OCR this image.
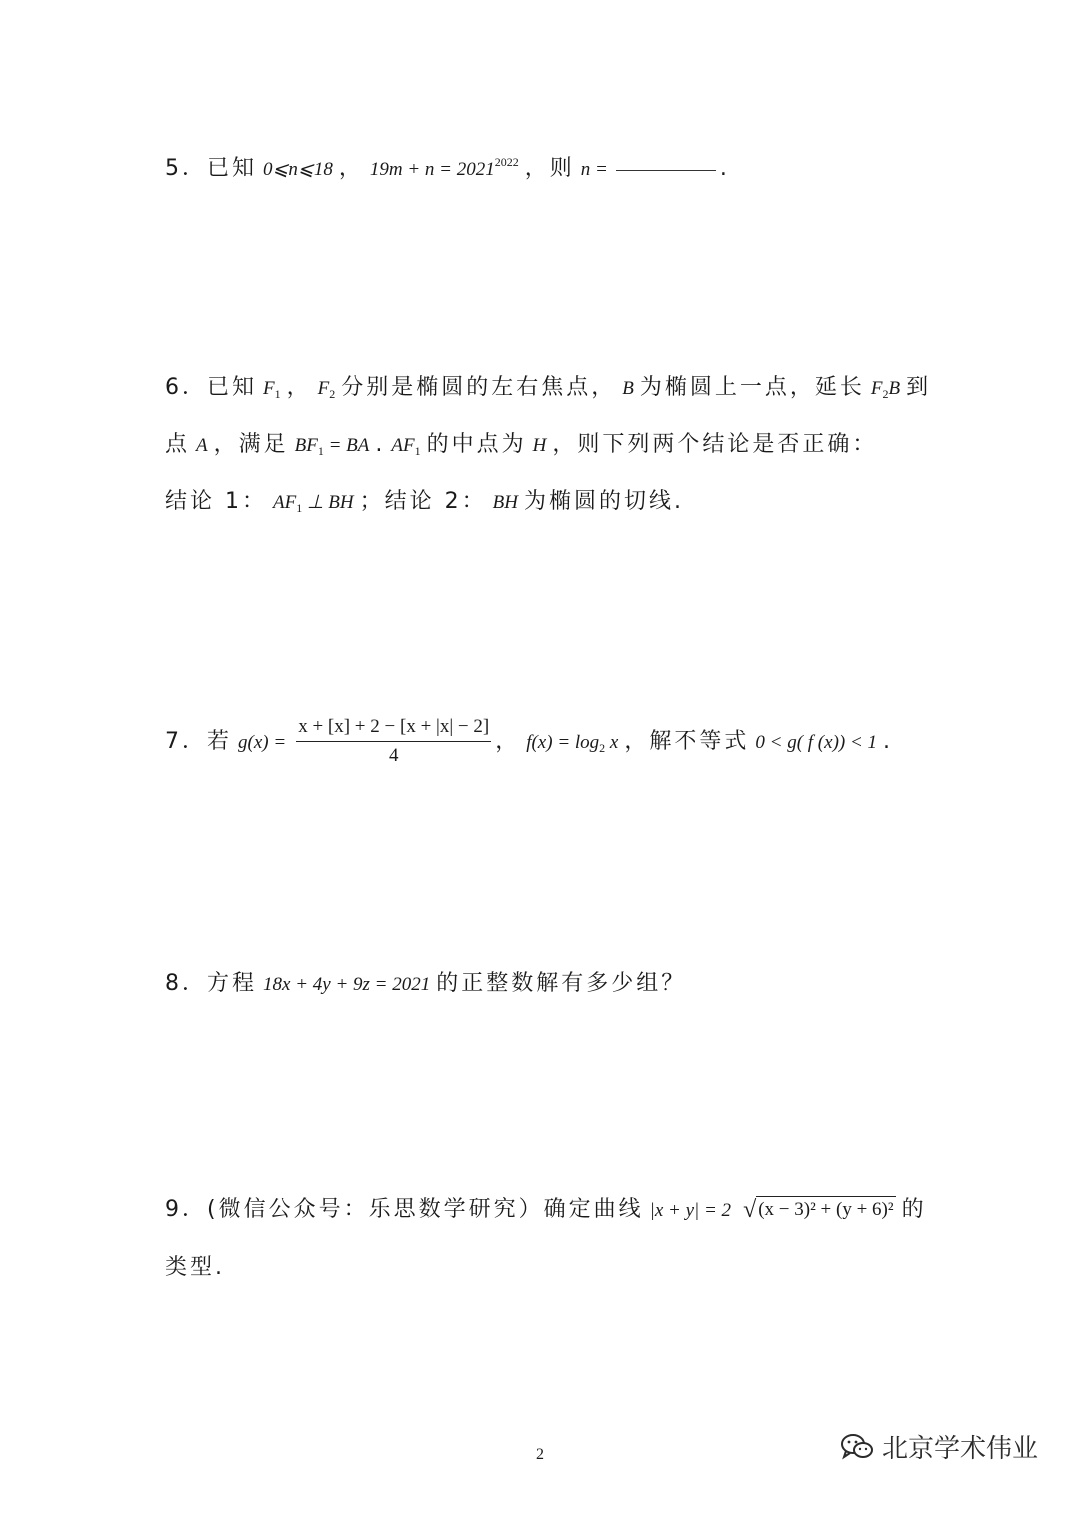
5．已知 0⩽n⩽18 ， $19m + n = 2021^{2022}$ ，则 n =	.
6．已知 $F_1$ ， $F_2$ 分别是椭圆的左右焦点， B 为椭圆上一点，延长 $F_2B$ 到
点 A ，满足 $BF_1$ = BA . $AF_1$ 的中点为 H ，则下列两个结论是否正确：
结论 1： $AF_1$ ⊥ BH ；结论 2： BH 为椭圆的切线.
7．若 $g(x) = \frac{x + [x] + 2 - [x + |x| - 2]}{4}$ ， $f(x) = \log_2 x$ ，解不等式 0 < g( f (x)) < 1 .
8．方程 18x + 4y + 9z = 2021 的正整数解有多少组？
9．(微信公众号：乐思数学研究）确定曲线 |x + y| = 2 √ (x − 3)² + (y + 6)² 的
类型.
2	北京学术伟业
